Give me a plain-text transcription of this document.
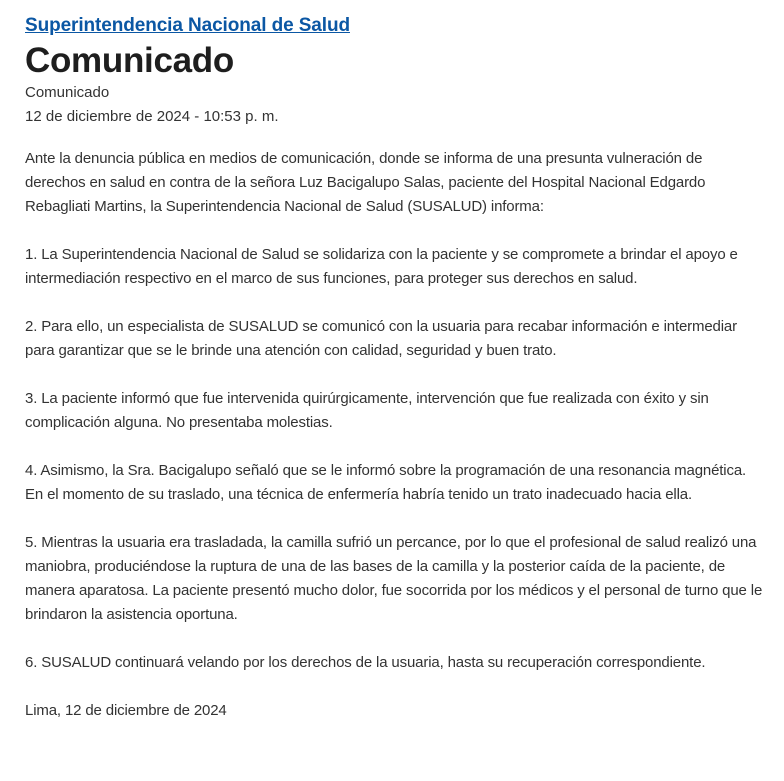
Superintendencia Nacional de Salud
Comunicado
Comunicado
12 de diciembre de 2024 - 10:53 p. m.

Ante la denuncia pública en medios de comunicación, donde se informa de una presunta vulneración de derechos en salud en contra de la señora Luz Bacigalupo Salas, paciente del Hospital Nacional Edgardo Rebagliati Martins, la Superintendencia Nacional de Salud (SUSALUD) informa:

1. La Superintendencia Nacional de Salud se solidariza con la paciente y se compromete a brindar el apoyo e intermediación respectivo en el marco de sus funciones, para proteger sus derechos en salud.

2. Para ello, un especialista de SUSALUD se comunicó con la usuaria para recabar información e intermediar para garantizar que se le brinde una atención con calidad, seguridad y buen trato.

3. La paciente informó que fue intervenida quirúrgicamente, intervención que fue realizada con éxito y sin complicación alguna. No presentaba molestias.

4. Asimismo, la Sra. Bacigalupo señaló que se le informó sobre la programación de una resonancia magnética. En el momento de su traslado, una técnica de enfermería habría tenido un trato inadecuado hacia ella.

5. Mientras la usuaria era trasladada, la camilla sufrió un percance, por lo que el profesional de salud realizó una maniobra, produciéndose la ruptura de una de las bases de la camilla y la posterior caída de la paciente, de manera aparatosa. La paciente presentó mucho dolor, fue socorrida por los médicos y el personal de turno que le brindaron la asistencia oportuna.

6. SUSALUD continuará velando por los derechos de la usuaria, hasta su recuperación correspondiente.

Lima, 12 de diciembre de 2024
